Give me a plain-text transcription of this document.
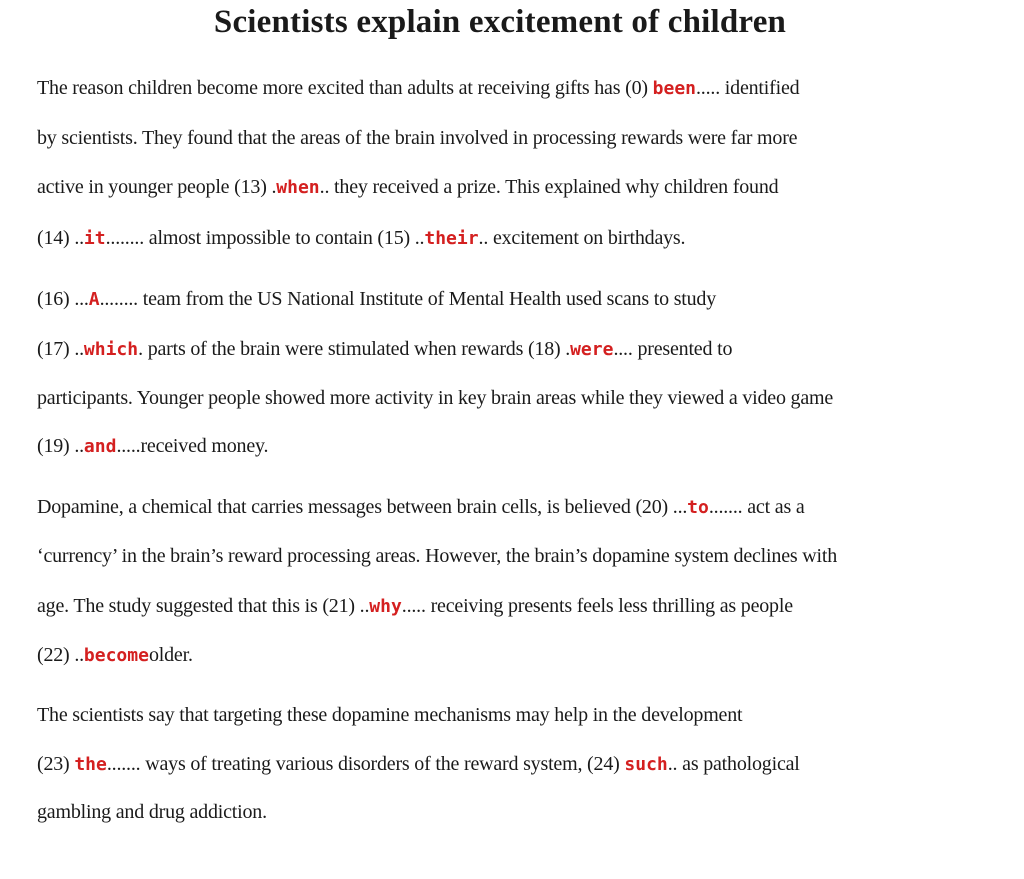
Scientists explain excitement of children
The reason children become more excited than adults at receiving gifts has (0) been..... identified
by scientists. They found that the areas of the brain involved in processing rewards were far more
active in younger people (13) .when.. they received a prize. This explained why children found
(14) ..it........ almost impossible to contain (15) ..their.. excitement on birthdays.
(16) ...A........ team from the US National Institute of Mental Health used scans to study
(17) ..which. parts of the brain were stimulated when rewards (18) .were.... presented to
participants. Younger people showed more activity in key brain areas while they viewed a video game
(19) ..and.....received money.
Dopamine, a chemical that carries messages between brain cells, is believed (20) ...to....... act as a
‘currency’ in the brain’s reward processing areas. However, the brain’s dopamine system declines with
age. The study suggested that this is (21) ..why..... receiving presents feels less thrilling as people
(22) ..becomeolder.
The scientists say that targeting these dopamine mechanisms may help in the development
(23) the....... ways of treating various disorders of the reward system, (24) such.. as pathological
gambling and drug addiction.
